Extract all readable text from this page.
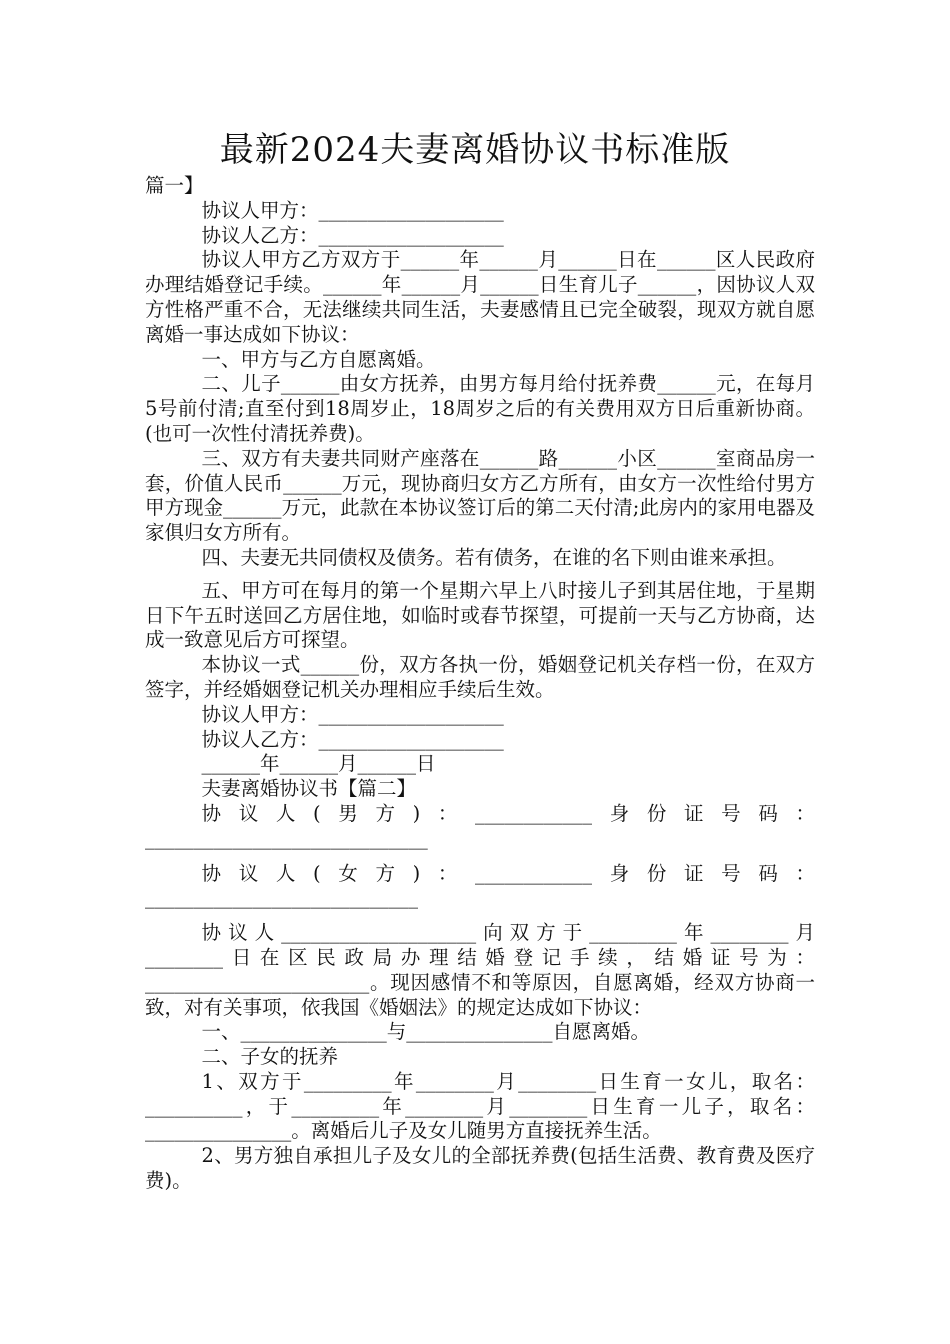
最新2024夫妻离婚协议书标准版

篇一】

协议人甲方：___________________

协议人乙方：___________________

协议人甲方乙方双方于______年______月______日在______区人民政府办理结婚登记手续。______年______月______日生育儿子______，因协议人双方性格严重不合，无法继续共同生活，夫妻感情且已完全破裂，现双方就自愿离婚一事达成如下协议：

一、甲方与乙方自愿离婚。

二、儿子______由女方抚养，由男方每月给付抚养费______元，在每月5号前付清;直至付到18周岁止，18周岁之后的有关费用双方日后重新协商。(也可一次性付清抚养费)。

三、双方有夫妻共同财产座落在______路______小区______室商品房一套，价值人民币______万元，现协商归女方乙方所有，由女方一次性给付男方甲方现金______万元，此款在本协议签订后的第二天付清;此房内的家用电器及家俱归女方所有。

四、夫妻无共同债权及债务。若有债务，在谁的名下则由谁来承担。

五、甲方可在每月的第一个星期六早上八时接儿子到其居住地，于星期日下午五时送回乙方居住地，如临时或春节探望，可提前一天与乙方协商，达成一致意见后方可探望。

本协议一式______份，双方各执一份，婚姻登记机关存档一份，在双方签字，并经婚姻登记机关办理相应手续后生效。

协议人甲方：___________________

协议人乙方：___________________

______年______月______日

夫妻离婚协议书【篇二】

协议人(男方)：____________身份证号码：_____________________________

协议人(女方)：____________身份证号码：____________________________

协议人____________________向双方于_________年________月________日在区民政局办理结婚登记手续，结婚证号为：_______________________。现因感情不和等原因，自愿离婚，经双方协商一致，对有关事项，依我国《婚姻法》的规定达成如下协议：

一、_______________与_______________自愿离婚。

二、子女的抚养

1、双方于_________年________月________日生育一女儿，取名：__________，于_________年________月________日生育一儿子，取名：_______________。离婚后儿子及女儿随男方直接抚养生活。

2、男方独自承担儿子及女儿的全部抚养费(包括生活费、教育费及医疗费)。
